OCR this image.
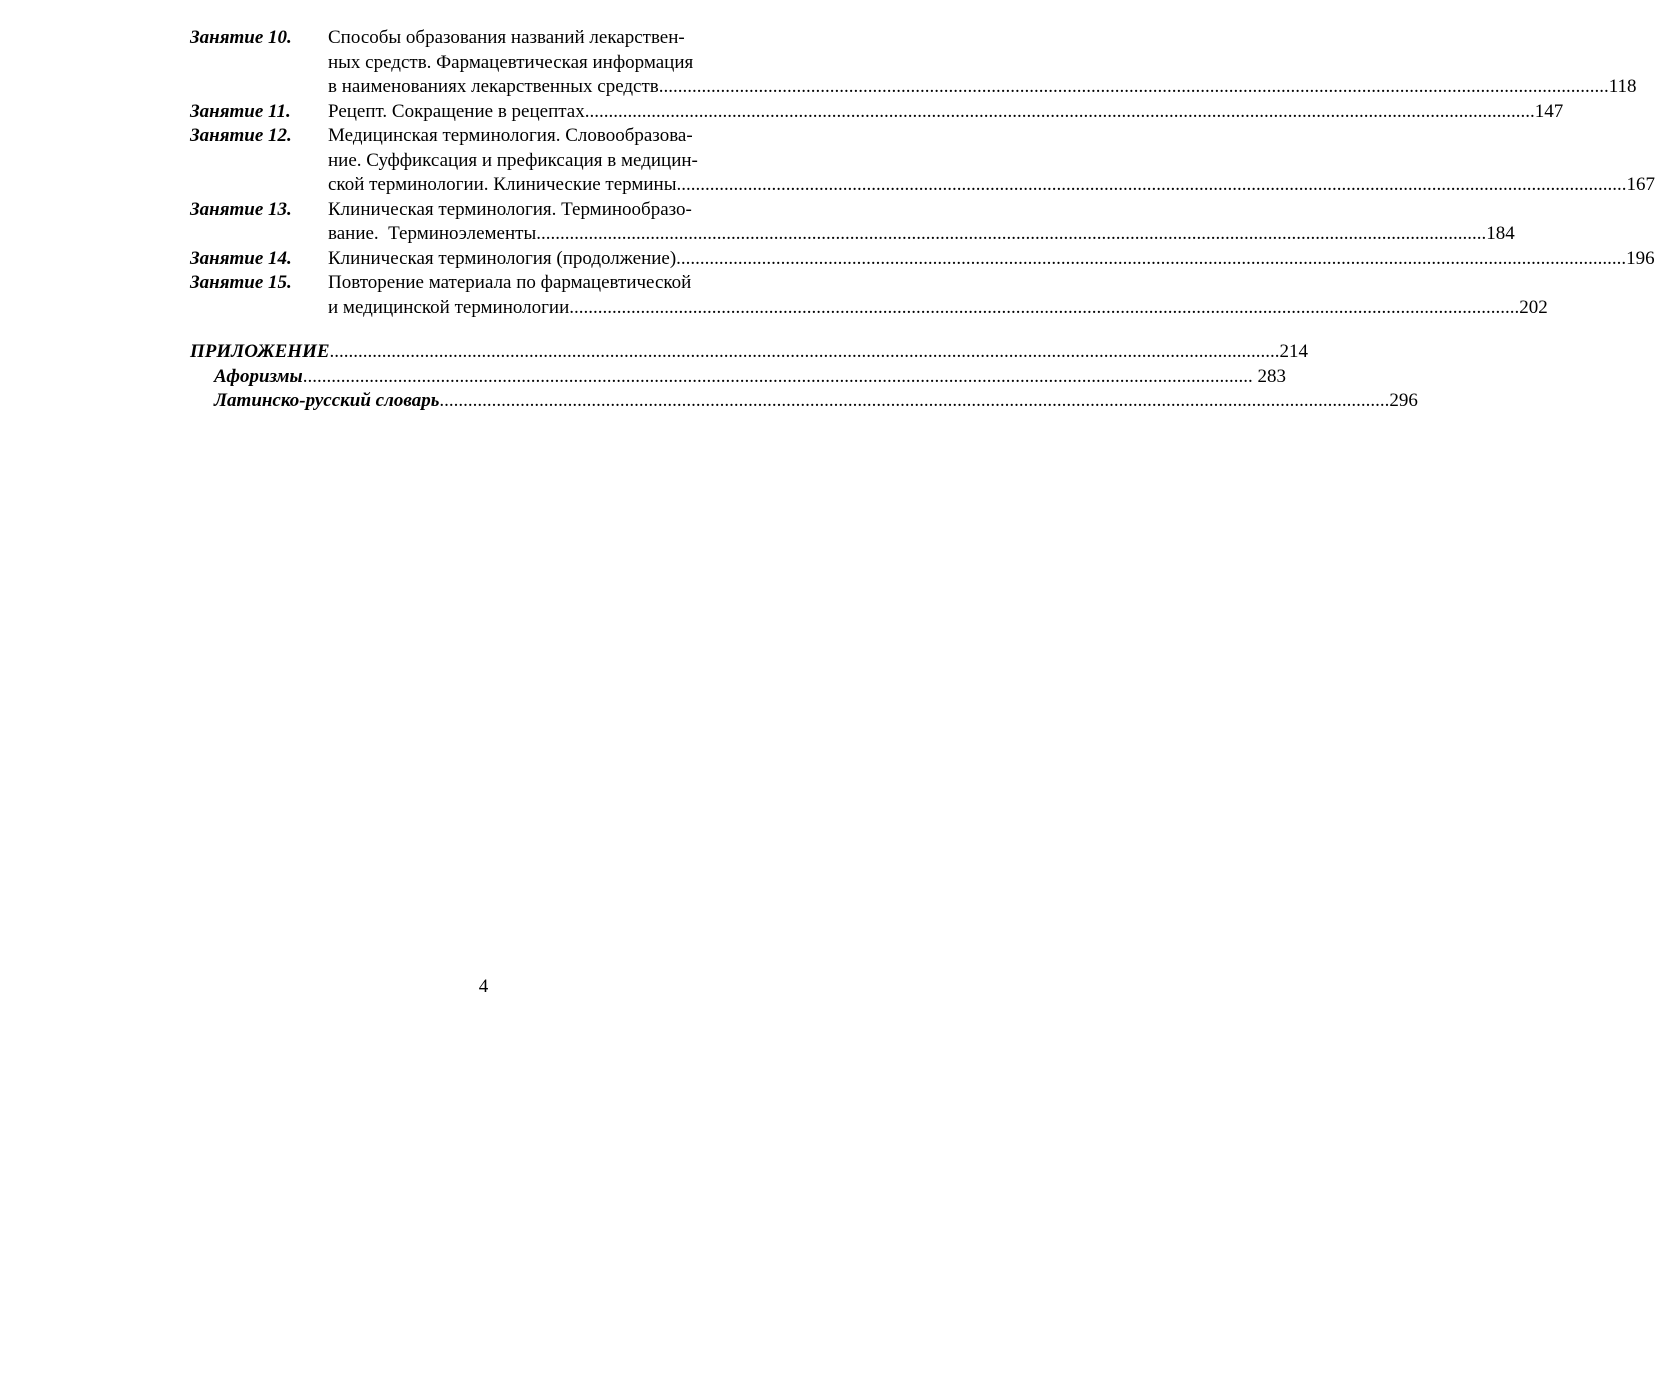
Занятие 10.	Способы образования названий лекарствен-
ных средств. Фармацевтическая информация
в наименованиях лекарственных средств .....	118
Занятие 11.	Рецепт. Сокращение в рецептах .....	147
Занятие 12.	Медицинская терминология. Словообразова-
ние. Суффиксация и префиксация в медицин-
ской терминологии. Клинические термины .....	167
Занятие 13.	Клиническая терминология. Терминообразо-
вание.  Терминоэлементы .....	184
Занятие 14.	Клиническая терминология (продолжение) .....	196
Занятие 15.	Повторение материала по фармацевтической
и медицинской терминологии .....	202
ПРИЛОЖЕНИЕ .....	214
Афоризмы .....	283
Латинско-русский словарь .....	296
4
